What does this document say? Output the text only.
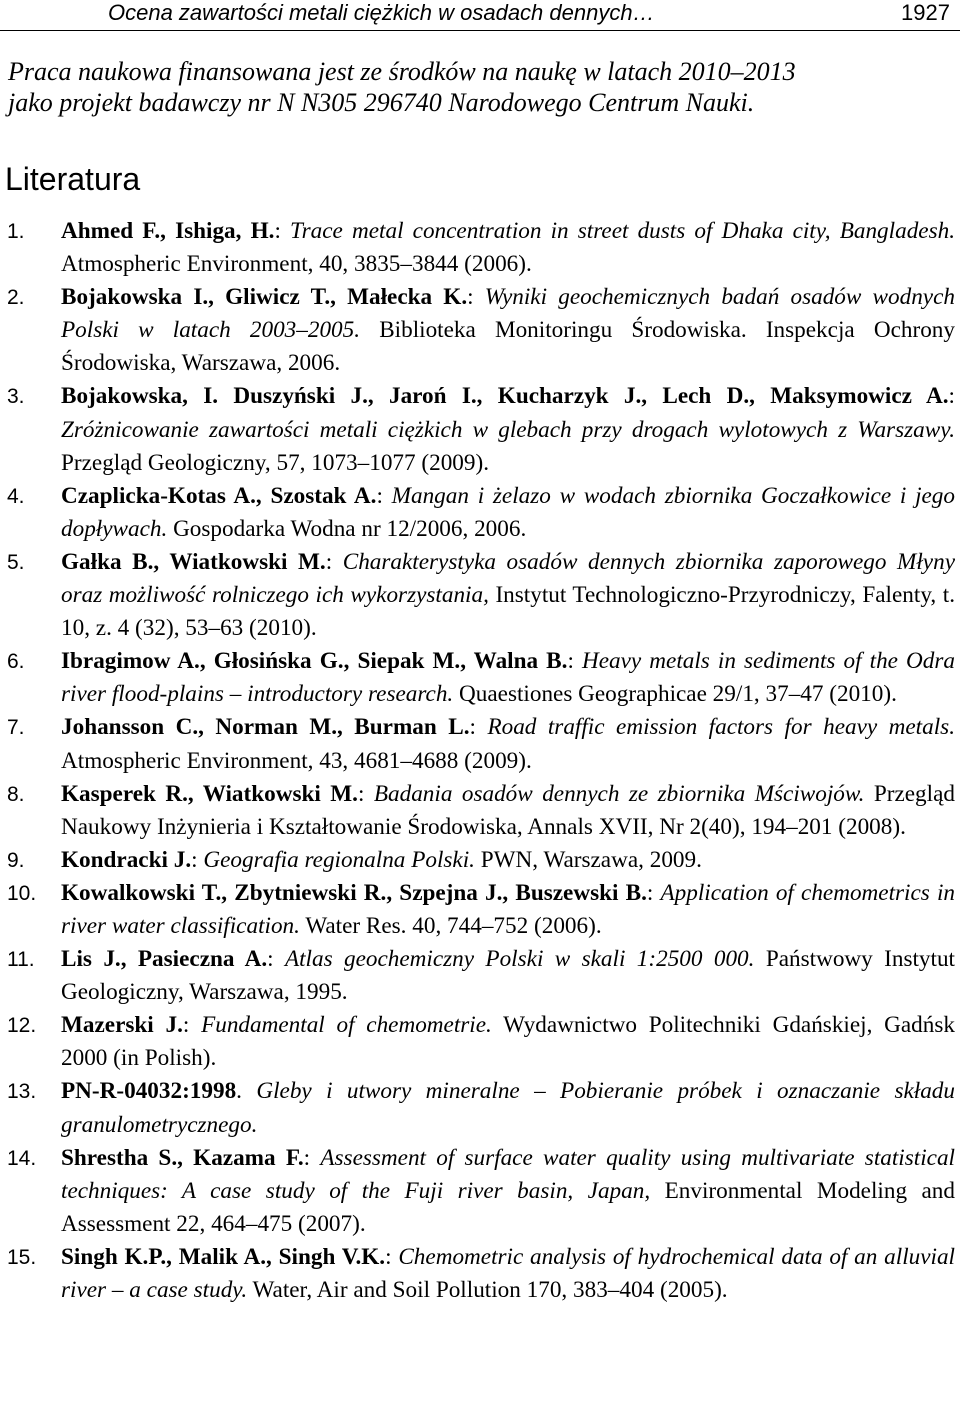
Ocena zawartości metali ciężkich w osadach dennych…	1927
Praca naukowa finansowana jest ze środków na naukę w latach 2010–2013
jako projekt badawczy nr N N305 296740 Narodowego Centrum Nauki.
Literatura
1. Ahmed F., Ishiga, H.: Trace metal concentration in street dusts of Dhaka city, Bangladesh. Atmospheric Environment, 40, 3835–3844 (2006).
2. Bojakowska I., Gliwicz T., Małecka K.: Wyniki geochemicznych badań osadów wodnych Polski w latach 2003–2005. Biblioteka Monitoringu Środowiska. Inspekcja Ochrony Środowiska, Warszawa, 2006.
3. Bojakowska, I. Duszyński J., Jaroń I., Kucharzyk J., Lech D., Maksymowicz A.: Zróżnicowanie zawartości metali ciężkich w glebach przy drogach wylotowych z Warszawy. Przegląd Geologiczny, 57, 1073–1077 (2009).
4. Czaplicka-Kotas A., Szostak A.: Mangan i żelazo w wodach zbiornika Goczałkowice i jego dopływach. Gospodarka Wodna nr 12/2006, 2006.
5. Gałka B., Wiatkowski M.: Charakterystyka osadów dennych zbiornika zaporowego Młyny oraz możliwość rolniczego ich wykorzystania, Instytut Technologiczno-Przyrodniczy, Falenty, t. 10, z. 4 (32), 53–63 (2010).
6. Ibragimow A., Głosińska G., Siepak M., Walna B.: Heavy metals in sediments of the Odra river flood-plains – introductory research. Quaestiones Geographicae 29/1, 37–47 (2010).
7. Johansson C., Norman M., Burman L.: Road traffic emission factors for heavy metals. Atmospheric Environment, 43, 4681–4688 (2009).
8. Kasperek R., Wiatkowski M.: Badania osadów dennych ze zbiornika Mściwojów. Przegląd Naukowy Inżynieria i Kształtowanie Środowiska, Annals XVII, Nr 2(40), 194–201 (2008).
9. Kondracki J.: Geografia regionalna Polski. PWN, Warszawa, 2009.
10. Kowalkowski T., Zbytniewski R., Szpejna J., Buszewski B.: Application of chemometrics in river water classification. Water Res. 40, 744–752 (2006).
11. Lis J., Pasieczna A.: Atlas geochemiczny Polski w skali 1:2500 000. Państwowy Instytut Geologiczny, Warszawa, 1995.
12. Mazerski J.: Fundamental of chemometrie. Wydawnictwo Politechniki Gdańskiej, Gadńsk 2000 (in Polish).
13. PN-R-04032:1998. Gleby i utwory mineralne – Pobieranie próbek i oznaczanie składu granulometrycznego.
14. Shrestha S., Kazama F.: Assessment of surface water quality using multivariate statistical techniques: A case study of the Fuji river basin, Japan, Environmental Modeling and Assessment 22, 464–475 (2007).
15. Singh K.P., Malik A., Singh V.K.: Chemometric analysis of hydrochemical data of an alluvial river – a case study. Water, Air and Soil Pollution 170, 383–404 (2005).
